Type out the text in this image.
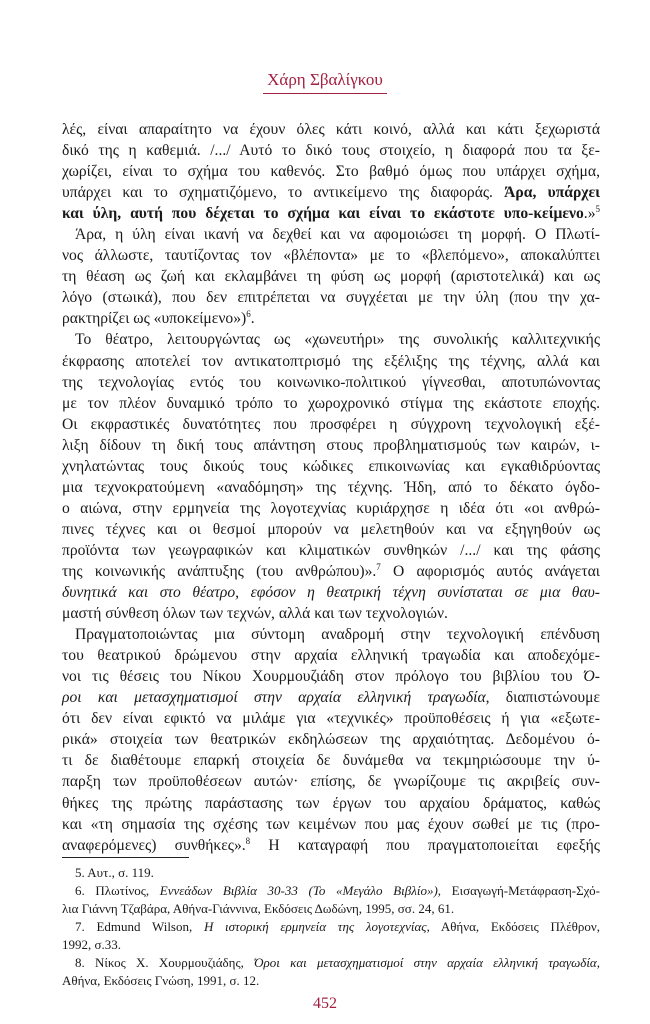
Χάρη Σβαλίγκου
λές, είναι απαραίτητο να έχουν όλες κάτι κοινό, αλλά και κάτι ξεχωριστά
δικό της η καθεμιά. /.../ Αυτό το δικό τους στοιχείο, η διαφορά που τα ξε-
χωρίζει, είναι το σχήμα του καθενός. Στο βαθμό όμως που υπάρχει σχήμα,
υπάρχει και το σχηματιζόμενο, το αντικείμενο της διαφοράς. Άρα, υπάρχει
και ύλη, αυτή που δέχεται το σχήμα και είναι το εκάστοτε υπο-κείμενο.»$^5$
Άρα, η ύλη είναι ικανή να δεχθεί και να αφομοιώσει τη μορφή. Ο Πλωτί-
νος άλλωστε, ταυτίζοντας τον «βλέποντα» με το «βλεπόμενο», αποκαλύπτει
τη θέαση ως ζωή και εκλαμβάνει τη φύση ως μορφή (αριστοτελικά) και ως
λόγο (στωικά), που δεν επιτρέπεται να συγχέεται με την ύλη (που την χα-
ρακτηρίζει ως «υποκείμενο»)$^6$.
Το θέατρο, λειτουργώντας ως «χωνευτήρι» της συνολικής καλλιτεχνικής
έκφρασης αποτελεί τον αντικατοπτρισμό της εξέλιξης της τέχνης, αλλά και
της τεχνολογίας εντός του κοινωνικο-πολιτικού γίγνεσθαι, αποτυπώνοντας
με τον πλέον δυναμικό τρόπο το χωροχρονικό στίγμα της εκάστοτε εποχής.
Οι εκφραστικές δυνατότητες που προσφέρει η σύγχρονη τεχνολογική εξέ-
λιξη δίδουν τη δική τους απάντηση στους προβληματισμούς των καιρών, ι-
χνηλατώντας τους δικούς τους κώδικες επικοινωνίας και εγκαθιδρύοντας
μια τεχνοκρατούμενη «αναδόμηση» της τέχνης. Ήδη, από το δέκατο όγδο-
ο αιώνα, στην ερμηνεία της λογοτεχνίας κυριάρχησε η ιδέα ότι «οι ανθρώ-
πινες τέχνες και οι θεσμοί μπορούν να μελετηθούν και να εξηγηθούν ως
προϊόντα των γεωγραφικών και κλιματικών συνθηκών /.../ και της φάσης
της κοινωνικής ανάπτυξης (του ανθρώπου)».$^7$ Ο αφορισμός αυτός ανάγεται
δυνητικά και στο θέατρο, εφόσον η θεατρική τέχνη συνίσταται σε μια θαυ-
μαστή σύνθεση όλων των τεχνών, αλλά και των τεχνολογιών.
Πραγματοποιώντας μια σύντομη αναδρομή στην τεχνολογική επένδυση
του θεατρικού δρώμενου στην αρχαία ελληνική τραγωδία και αποδεχόμε-
νοι τις θέσεις του Νίκου Χουρμουζιάδη στον πρόλογο του βιβλίου του Ό-
ροι και μετασχηματισμοί στην αρχαία ελληνική τραγωδία, διαπιστώνουμε
ότι δεν είναι εφικτό να μιλάμε για «τεχνικές» προϋποθέσεις ή για «εξωτε-
ρικά» στοιχεία των θεατρικών εκδηλώσεων της αρχαιότητας. Δεδομένου ό-
τι δε διαθέτουμε επαρκή στοιχεία δε δυνάμεθα να τεκμηριώσουμε την ύ-
παρξη των προϋποθέσεων αυτών· επίσης, δε γνωρίζουμε τις ακριβείς συν-
θήκες της πρώτης παράστασης των έργων του αρχαίου δράματος, καθώς
και «τη σημασία της σχέσης των κειμένων που μας έχουν σωθεί με τις (προ-
αναφερόμενες) συνθήκες».$^8$ Η καταγραφή που πραγματοποιείται εφεξής
5. Αυτ., σ. 119.
6. Πλωτίνος, Εννεάδων Βιβλία 30-33 (Το «Μεγάλο Βιβλίο»), Εισαγωγή-Μετάφραση-Σχό-
λια Γιάννη Τζαβάρα, Αθήνα-Γιάννινα, Εκδόσεις Δωδώνη, 1995, σσ. 24, 61.
7. Edmund Wilson, Η ιστορική ερμηνεία της λογοτεχνίας, Αθήνα, Εκδόσεις Πλέθρον,
1992, σ.33.
8. Νίκος Χ. Χουρμουζιάδης, Όροι και μετασχηματισμοί στην αρχαία ελληνική τραγωδία,
Αθήνα, Εκδόσεις Γνώση, 1991, σ. 12.
452
